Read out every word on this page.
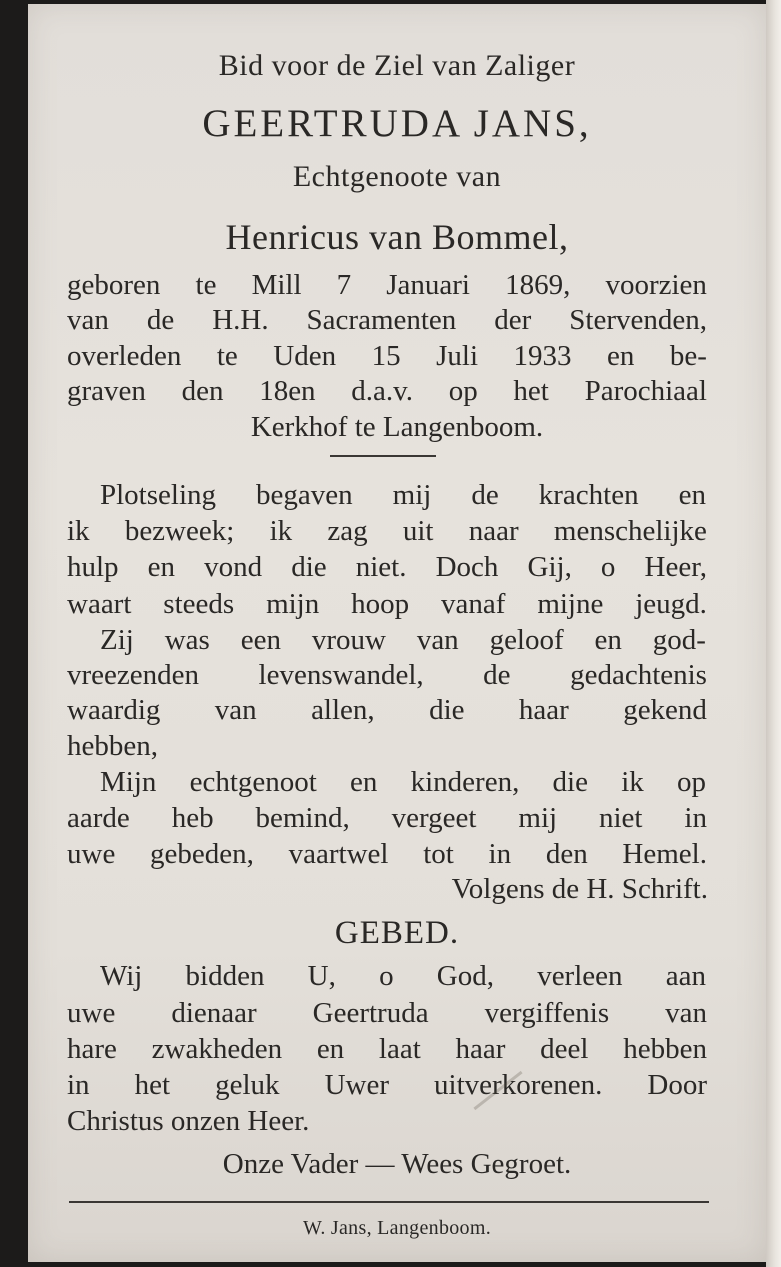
Bid voor de Ziel van Zaliger
GEERTRUDA JANS,
Echtgenoote van
Henricus van Bommel,
geboren te Mill 7 Januari 1869, voorzien
van de H.H. Sacramenten der Stervenden,
overleden te Uden 15 Juli 1933 en be-
graven den 18en d.a.v. op het Parochiaal
Kerkhof te Langenboom.
Plotseling begaven mij de krachten en
ik bezweek; ik zag uit naar menschelijke
hulp en vond die niet. Doch Gij, o Heer,
waart steeds mijn hoop vanaf mijne jeugd.
Zij was een vrouw van geloof en god-
vreezenden levenswandel, de gedachtenis
waardig van allen, die haar gekend
hebben,
Mijn echtgenoot en kinderen, die ik op
aarde heb bemind, vergeet mij niet in
uwe gebeden, vaartwel tot in den Hemel.
Volgens de H. Schrift.
GEBED.
Wij bidden U, o God, verleen aan
uwe dienaar Geertruda vergiffenis van
hare zwakheden en laat haar deel hebben
in het geluk Uwer uitverkorenen. Door
Christus onzen Heer.
Onze Vader — Wees Gegroet.
W. Jans, Langenboom.
